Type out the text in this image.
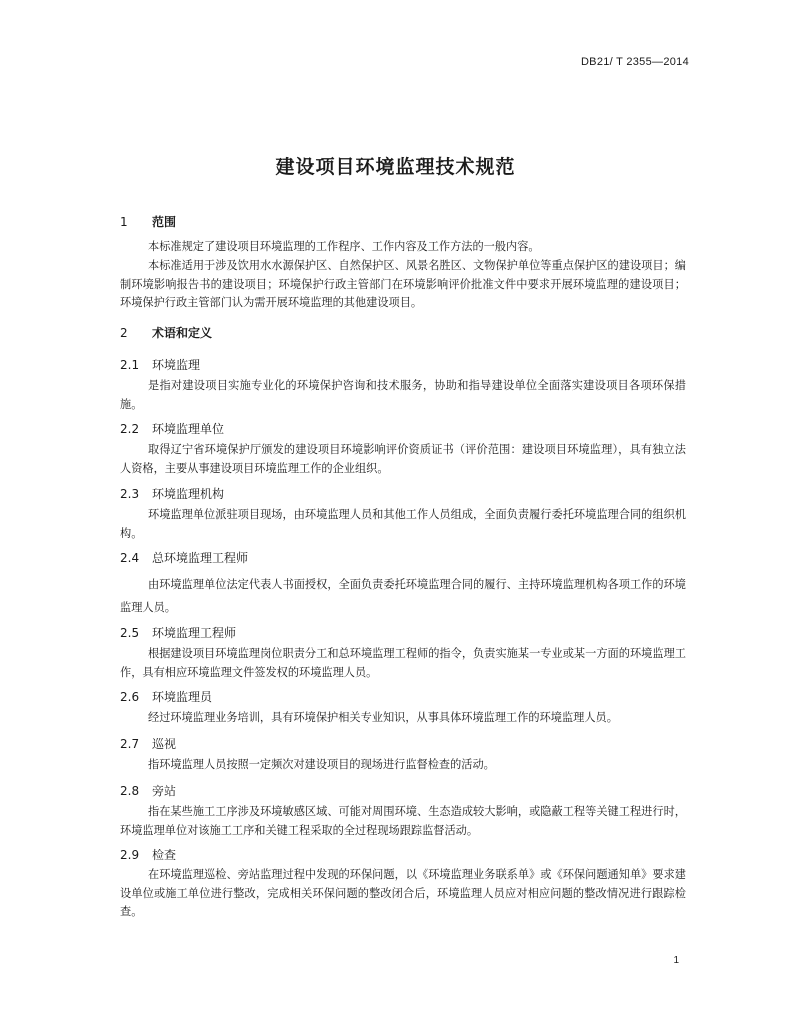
DB21/ T 2355—2014
建设项目环境监理技术规范
1 范围

本标准规定了建设项目环境监理的工作程序、工作内容及工作方法的一般内容。

本标准适用于涉及饮用水水源保护区、自然保护区、风景名胜区、文物保护单位等重点保护区的建设项目；编制环境影响报告书的建设项目；环境保护行政主管部门在环境影响评价批准文件中要求开展环境监理的建设项目；环境保护行政主管部门认为需开展环境监理的其他建设项目。

2 术语和定义
2.1 环境监理

是指对建设项目实施专业化的环境保护咨询和技术服务，协助和指导建设单位全面落实建设项目各项环保措施。

2.2 环境监理单位

取得辽宁省环境保护厅颁发的建设项目环境影响评价资质证书（评价范围：建设项目环境监理），具有独立法人资格，主要从事建设项目环境监理工作的企业组织。

2.3 环境监理机构

环境监理单位派驻项目现场，由环境监理人员和其他工作人员组成，全面负责履行委托环境监理合同的组织机构。

2.4 总环境监理工程师

由环境监理单位法定代表人书面授权，全面负责委托环境监理合同的履行、主持环境监理机构各项工作的环境监理人员。

2.5 环境监理工程师

根据建设项目环境监理岗位职责分工和总环境监理工程师的指令，负责实施某一专业或某一方面的环境监理工作，具有相应环境监理文件签发权的环境监理人员。

2.6 环境监理员

经过环境监理业务培训，具有环境保护相关专业知识，从事具体环境监理工作的环境监理人员。

2.7 巡视

指环境监理人员按照一定频次对建设项目的现场进行监督检查的活动。

2.8 旁站

指在某些施工工序涉及环境敏感区域、可能对周围环境、生态造成较大影响，或隐蔽工程等关键工程进行时，环境监理单位对该施工工序和关键工程采取的全过程现场跟踪监督活动。

2.9 检查

在环境监理巡检、旁站监理过程中发现的环保问题，以《环境监理业务联系单》或《环保问题通知单》要求建设单位或施工单位进行整改，完成相关环保问题的整改闭合后，环境监理人员应对相应问题的整改情况进行跟踪检查。

1
